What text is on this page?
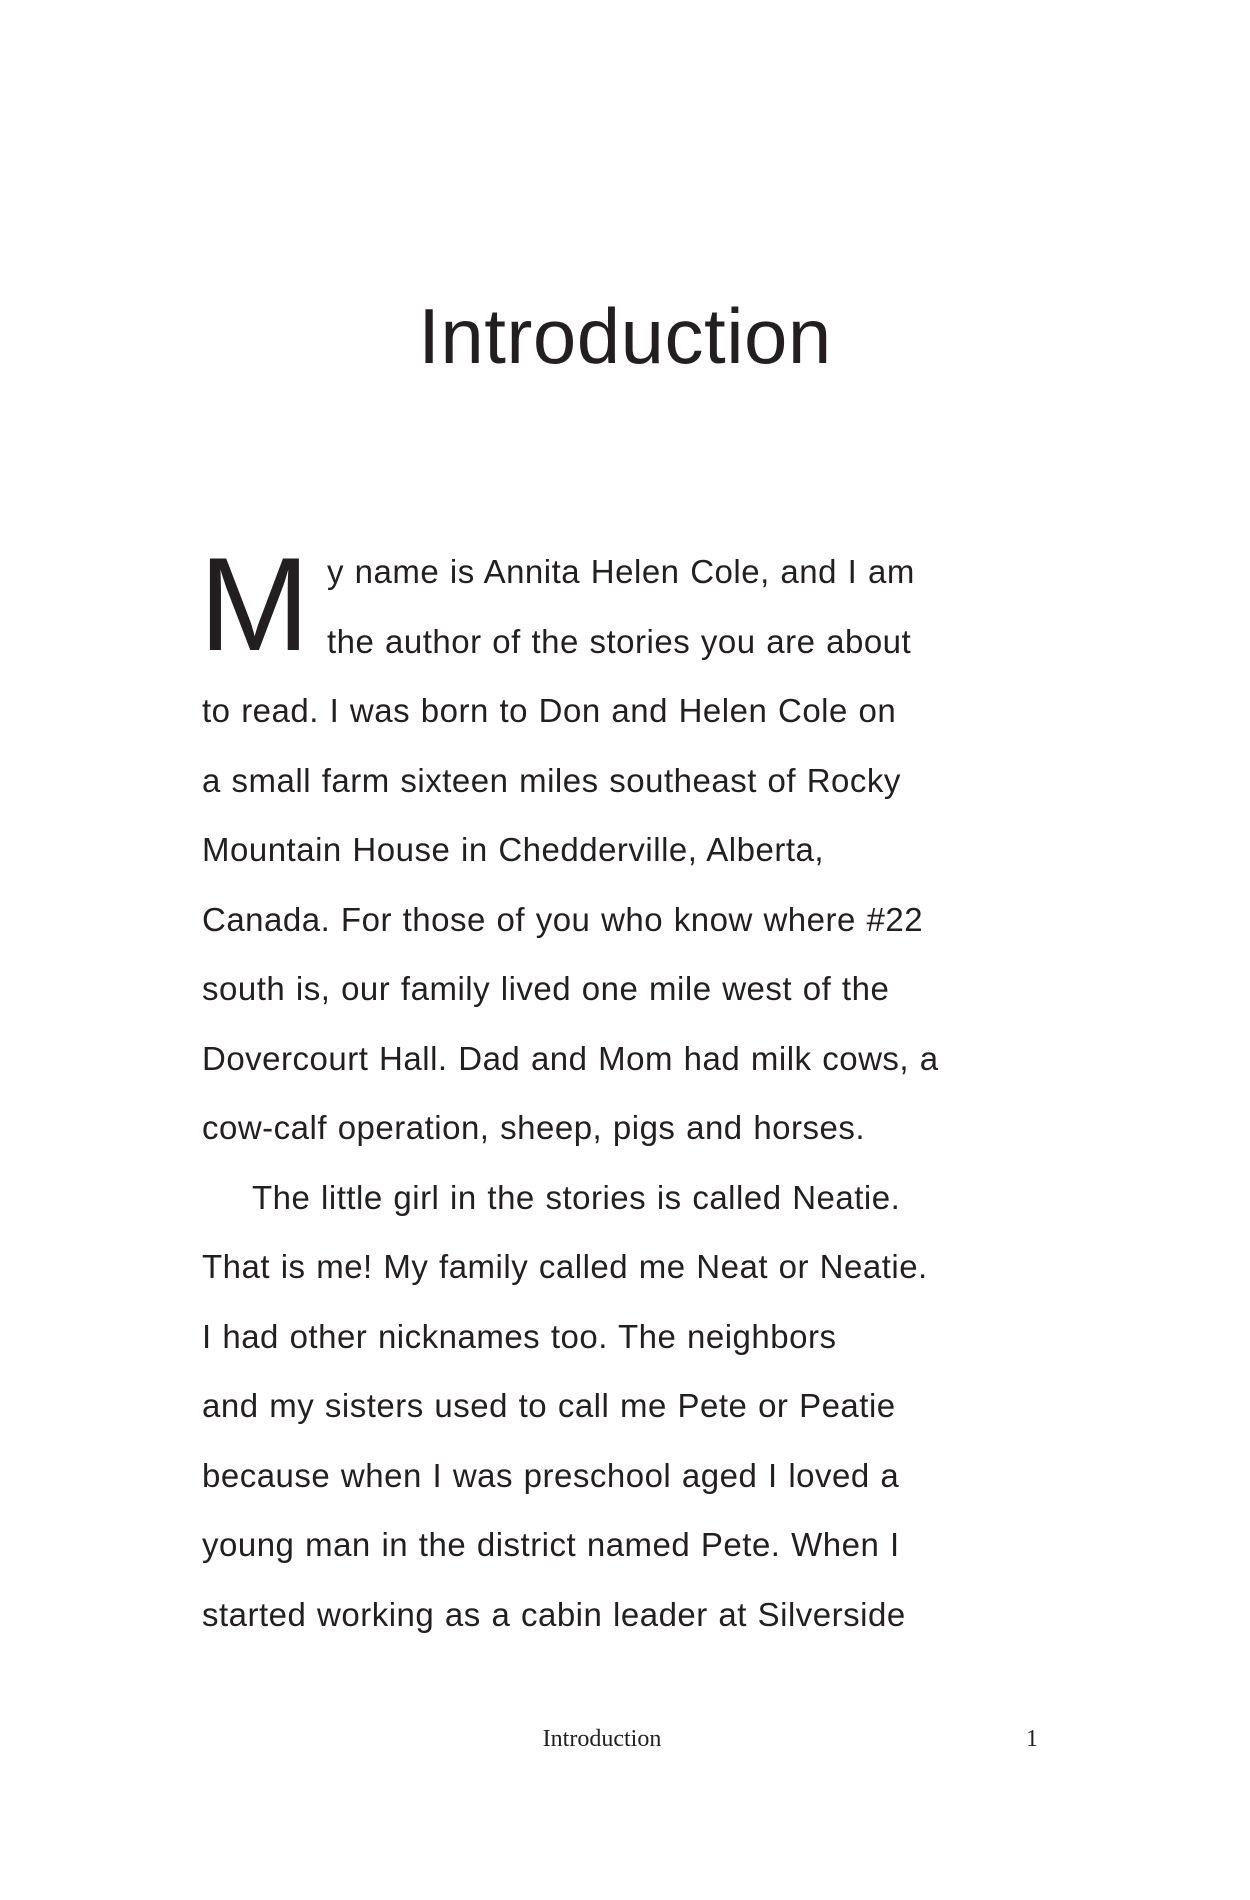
Introduction
M y name is Annita Helen Cole, and I am
the author of the stories you are about
to read. I was born to Don and Helen Cole on
a small farm sixteen miles southeast of Rocky
Mountain House in Chedderville, Alberta,
Canada. For those of you who know where #22
south is, our family lived one mile west of the
Dovercourt Hall. Dad and Mom had milk cows, a
cow-calf operation, sheep, pigs and horses.
The little girl in the stories is called Neatie.
That is me! My family called me Neat or Neatie.
I had other nicknames too. The neighbors
and my sisters used to call me Pete or Peatie
because when I was preschool aged I loved a
young man in the district named Pete. When I
started working as a cabin leader at Silverside
Introduction	1
